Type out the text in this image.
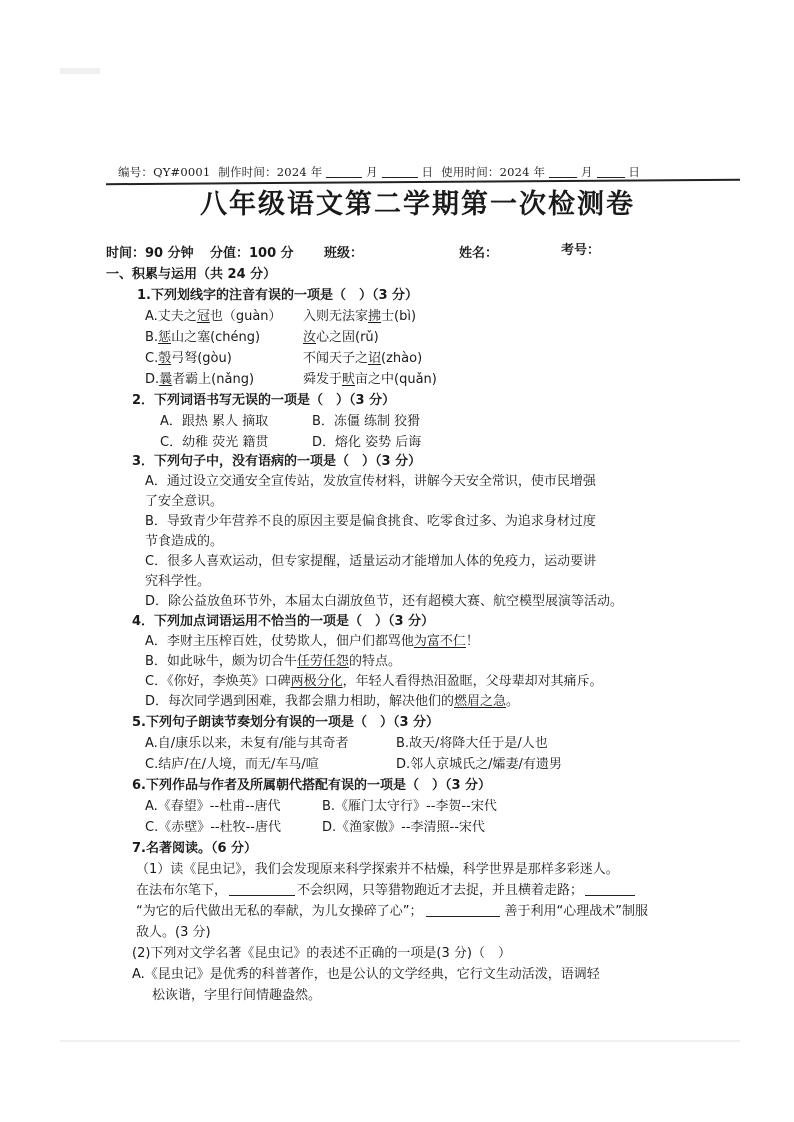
编号：QY#0001 制作时间：2024 年	月	日 使用时间：2024 年	月	日
八年级语文第二学期第一次检测卷
时间：90 分钟 分值：100 分 班级：	姓名：	考号：
一、积累与运用（共 24 分）
1.下列划线字的注音有误的一项是（　）（3 分）
A.丈夫之冠也（guàn） 入则无法家拂士(bì)
B.惩山之塞(chéng)	汝心之固(rǔ)
C.彀弓弩(gòu)	不闻天子之诏(zhào)
D.曩者霸上(nǎng)	舜发于畎亩之中(quǎn)
2．下列词语书写无误的一项是（　）（3 分）
A．跟热 累人 摘取	B．冻僵 练制 狡猾
C．幼稚 荧光 籍贯	D．熔化 姿势 后诲
3．下列句子中，没有语病的一项是（　）（3 分）
A．通过设立交通安全宣传站，发放宣传材料，讲解今天安全常识，使市民增强
了安全意识。
B．导致青少年营养不良的原因主要是偏食挑食、吃零食过多、为追求身材过度
节食造成的。
C．很多人喜欢运动，但专家提醒，适量运动才能增加人体的免疫力，运动要讲
究科学性。
D．除公益放鱼环节外，本届太白湖放鱼节，还有超模大赛、航空模型展演等活动。
4．下列加点词语运用不恰当的一项是（　）（3 分）
A．李财主压榨百姓，仗势欺人，佃户们都骂他为富不仁！
B．如此咏牛，颇为切合牛任劳任怨的特点。
C．《你好，李焕英》口碑两极分化，年轻人看得热泪盈眶，父母辈却对其痛斥。
D．每次同学遇到困难，我都会鼎力相助，解决他们的燃眉之急。
5.下列句子朗读节奏划分有误的一项是（　）（3 分）
A.自/康乐以来，未复有/能与其奇者	B.故天/将降大任于是/人也
C.结庐/在/人境，而无/车马/喧	D.邻人京城氏之/孀妻/有遗男
6.下列作品与作者及所属朝代搭配有误的一项是（　）（3 分）
A.《春望》--杜甫--唐代	B.《雁门太守行》--李贺--宋代
C.《赤壁》--杜牧--唐代	D.《渔家傲》--李清照--宋代
7.名著阅读。（6 分）
（1）读《昆虫记》，我们会发现原来科学探索并不枯燥，科学世界是那样多彩迷人。
在法布尔笔下，	不会织网，只等猎物跑近才去捉，并且横着走路；
“为它的后代做出无私的奉献，为儿女操碎了心”；	善于利用“心理战术”制服
敌人。(3 分)
(2)下列对文学名著《昆虫记》的表述不正确的一项是(3 分)（　）
A.《昆虫记》是优秀的科普著作，也是公认的文学经典，它行文生动活泼，语调轻
松诙谐，字里行间情趣盎然。
